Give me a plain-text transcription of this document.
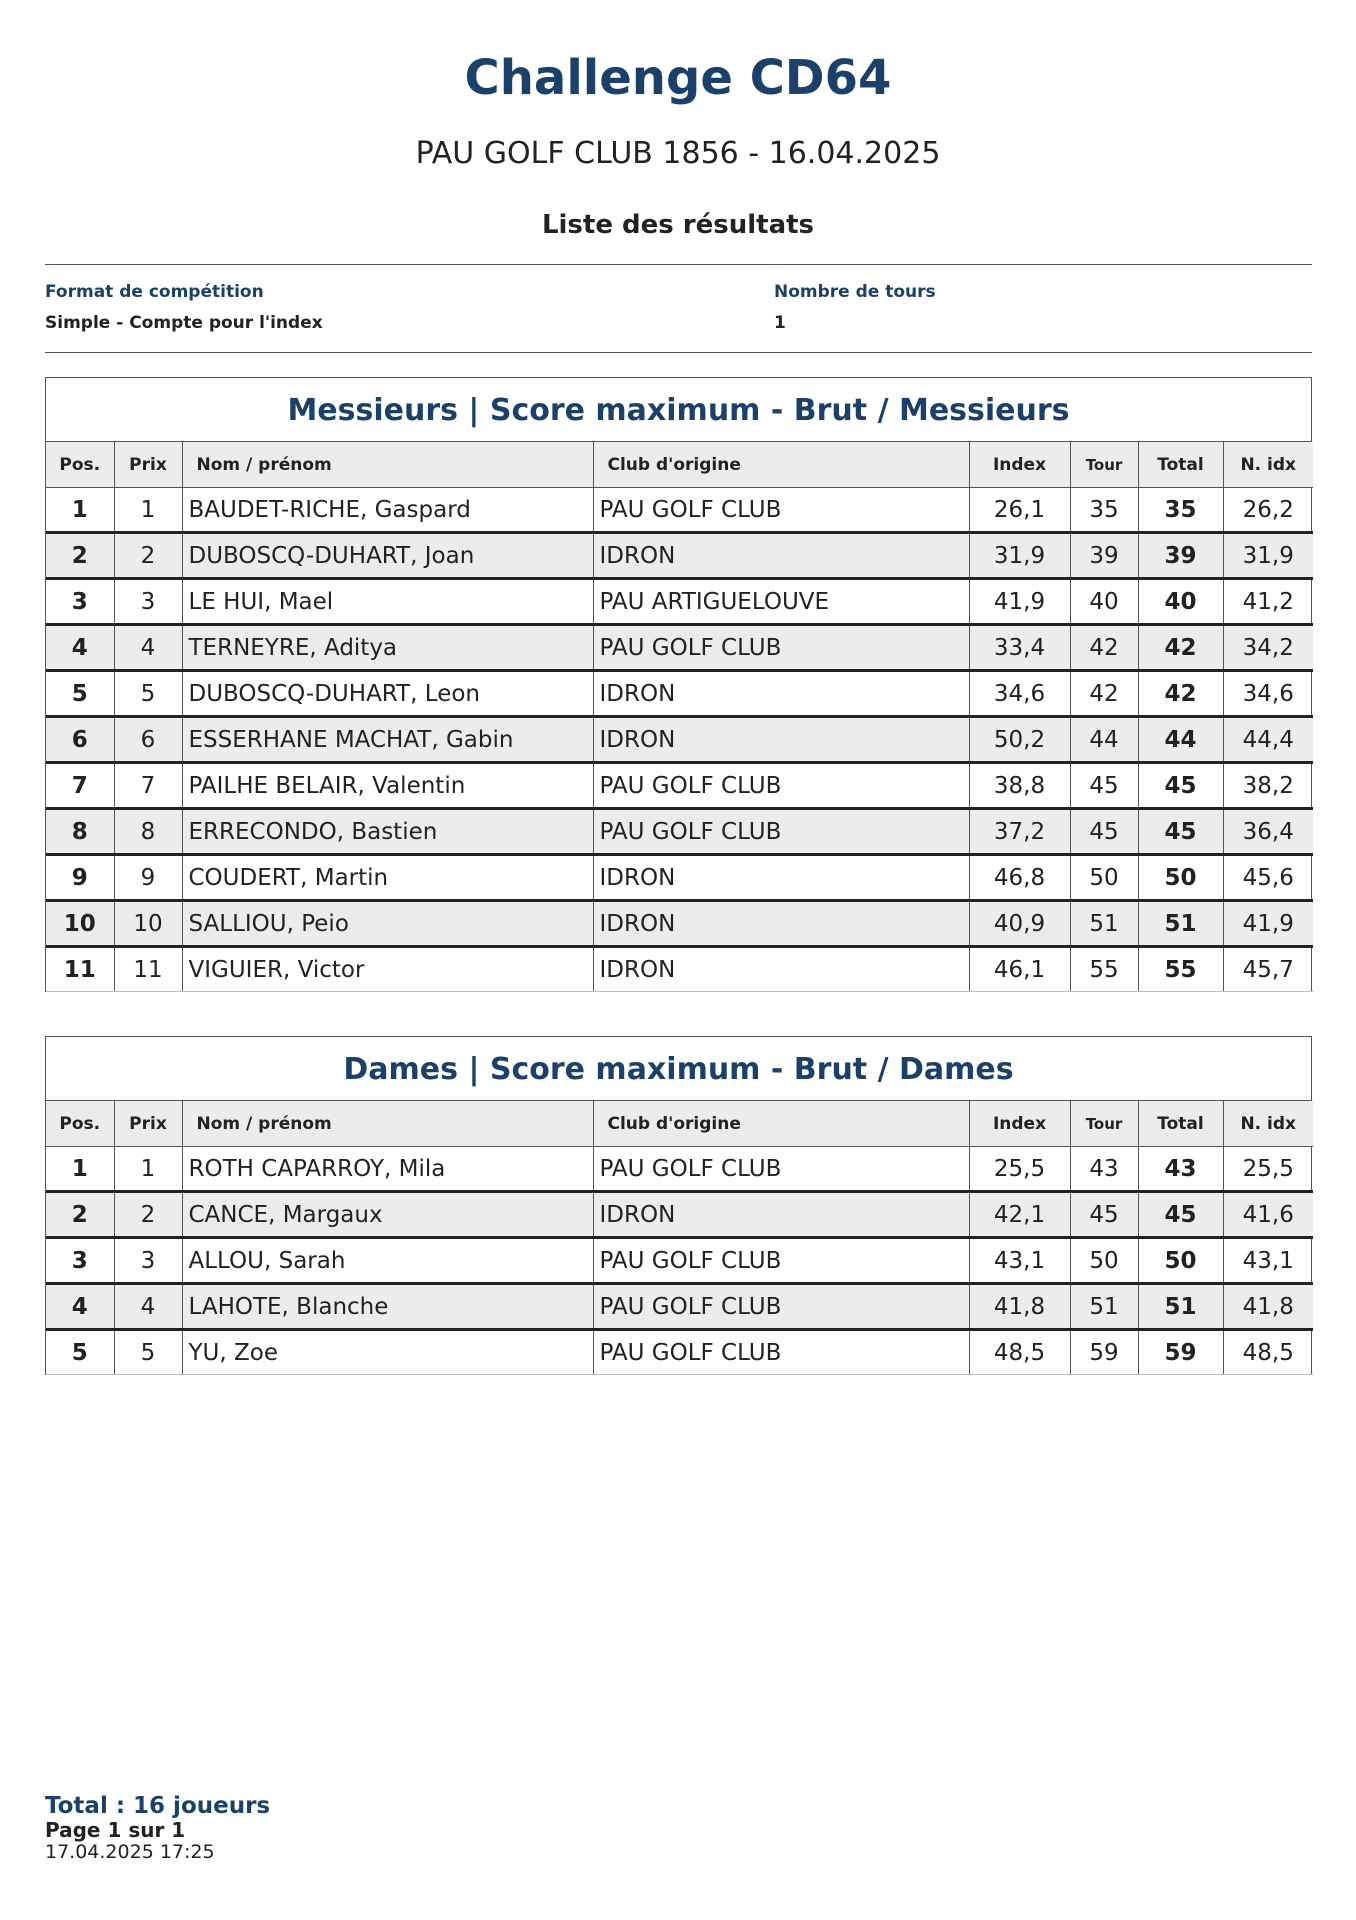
Challenge CD64
PAU GOLF CLUB 1856 - 16.04.2025
Liste des résultats
Format de compétition
Simple - Compte pour l'index
Nombre de tours
1
Messieurs | Score maximum - Brut / Messieurs
Pos.	Prix	Nom / prénom	Club d'origine	Index	Tour	Total	N. idx
1	1	BAUDET-RICHE, Gaspard	PAU GOLF CLUB	26,1	35	35	26,2
2	2	DUBOSCQ-DUHART, Joan	IDRON	31,9	39	39	31,9
3	3	LE HUI, Mael	PAU ARTIGUELOUVE	41,9	40	40	41,2
4	4	TERNEYRE, Aditya	PAU GOLF CLUB	33,4	42	42	34,2
5	5	DUBOSCQ-DUHART, Leon	IDRON	34,6	42	42	34,6
6	6	ESSERHANE MACHAT, Gabin	IDRON	50,2	44	44	44,4
7	7	PAILHE BELAIR, Valentin	PAU GOLF CLUB	38,8	45	45	38,2
8	8	ERRECONDO, Bastien	PAU GOLF CLUB	37,2	45	45	36,4
9	9	COUDERT, Martin	IDRON	46,8	50	50	45,6
10	10	SALLIOU, Peio	IDRON	40,9	51	51	41,9
11	11	VIGUIER, Victor	IDRON	46,1	55	55	45,7
Dames | Score maximum - Brut / Dames
Pos.	Prix	Nom / prénom	Club d'origine	Index	Tour	Total	N. idx
1	1	ROTH CAPARROY, Mila	PAU GOLF CLUB	25,5	43	43	25,5
2	2	CANCE, Margaux	IDRON	42,1	45	45	41,6
3	3	ALLOU, Sarah	PAU GOLF CLUB	43,1	50	50	43,1
4	4	LAHOTE, Blanche	PAU GOLF CLUB	41,8	51	51	41,8
5	5	YU, Zoe	PAU GOLF CLUB	48,5	59	59	48,5
Total : 16 joueurs
Page 1 sur 1
17.04.2025 17:25
